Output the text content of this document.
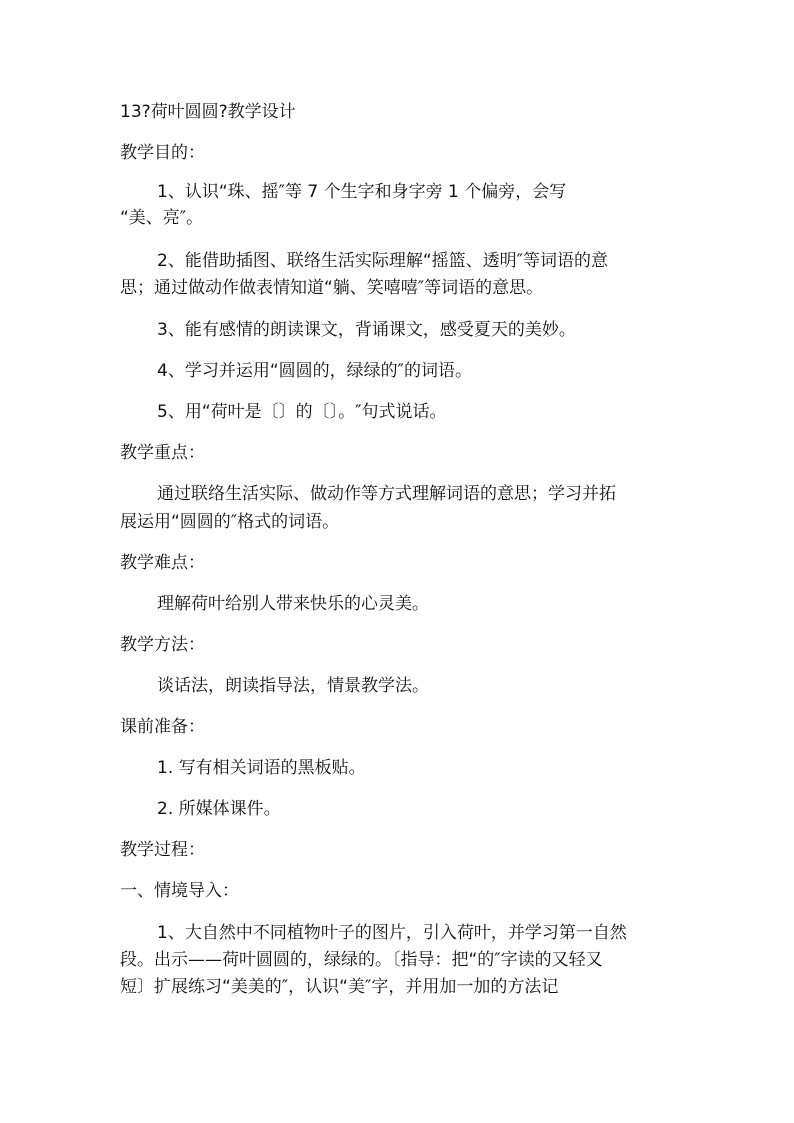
13?荷叶圆圆?教学设计
教学目的：
1、认识“珠、摇″等 7 个生字和身字旁 1 个偏旁，会写
“美、亮″。
2、能借助插图、联络生活实际理解“摇篮、透明″等词语的意
思；通过做动作做表情知道“躺、笑嘻嘻″等词语的意思。
3、能有感情的朗读课文，背诵课文，感受夏天的美妙。
4、学习并运用“圆圆的，绿绿的″的词语。
5、用“荷叶是〔〕的〔〕。″句式说话。
教学重点：
通过联络生活实际、做动作等方式理解词语的意思；学习并拓
展运用“圆圆的″格式的词语。
教学难点：
理解荷叶给别人带来快乐的心灵美。
教学方法：
谈话法，朗读指导法，情景教学法。
课前准备：
1. 写有相关词语的黑板贴。
2. 所媒体课件。
教学过程：
一、情境导入：
1、大自然中不同植物叶子的图片，引入荷叶，并学习第一自然
段。出示——荷叶圆圆的，绿绿的。〔指导：把“的″字读的又轻又
短〕扩展练习“美美的″，认识“美″字，并用加一加的方法记
